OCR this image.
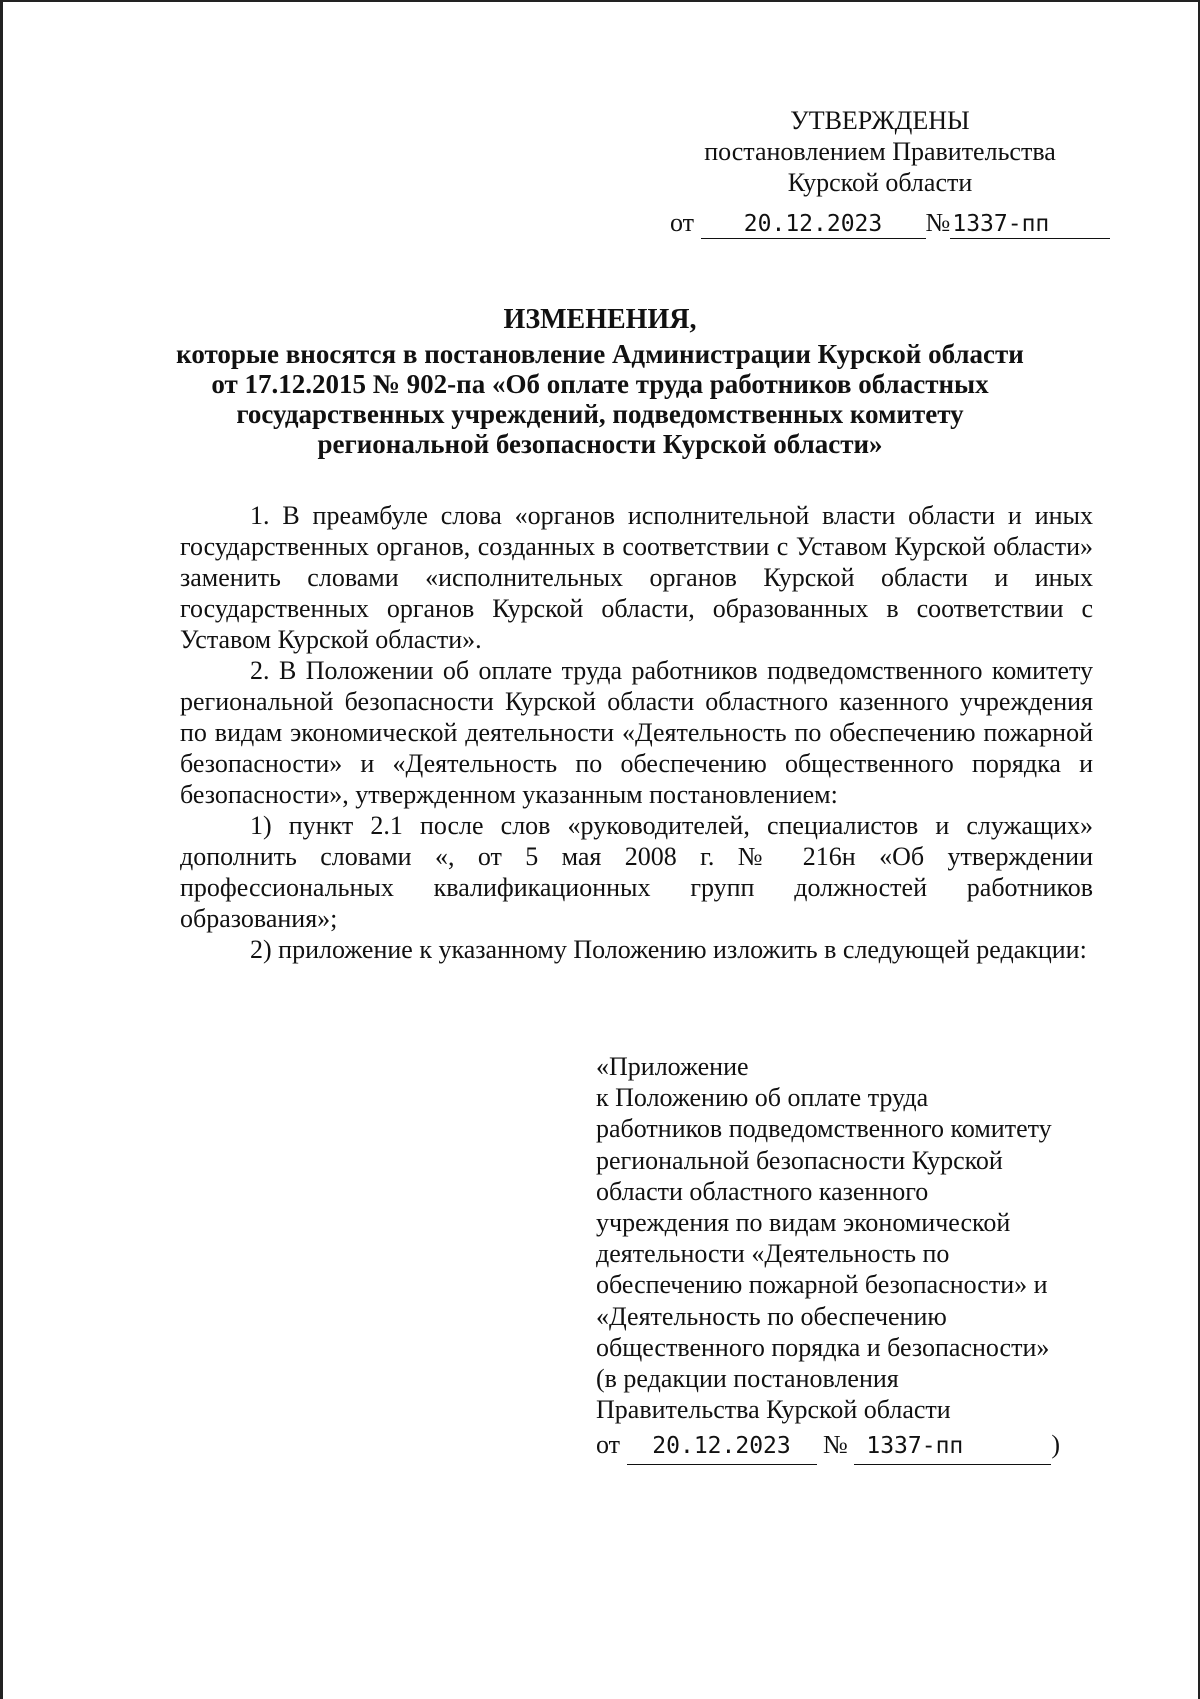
УТВЕРЖДЕНЫ
постановлением Правительства
Курской области
от 20.12.2023 №1337-пп
ИЗМЕНЕНИЯ,
которые вносятся в постановление Администрации Курской области
от 17.12.2015 № 902-па «Об оплате труда работников областных
государственных учреждений, подведомственных комитету
региональной безопасности Курской области»

1. В преамбуле слова «органов исполнительной власти области и иных государственных органов, созданных в соответствии с Уставом Курской области» заменить словами «исполнительных органов Курской области и иных государственных органов Курской области, образованных в соответствии с Уставом Курской области».

2. В Положении об оплате труда работников подведомственного комитету региональной безопасности Курской области областного казенного учреждения по видам экономической деятельности «Деятельность по обеспечению пожарной безопасности» и «Деятельность по обеспечению общественного порядка и безопасности», утвержденном указанным постановлением:

1) пункт 2.1 после слов «руководителей, специалистов и служащих» дополнить словами «, от 5 мая 2008 г. № 216н «Об утверждении профессиональных квалификационных групп должностей работников образования»;

2) приложение к указанному Положению изложить в следующей редакции:

«Приложение
к Положению об оплате труда
работников подведомственного комитету
региональной безопасности Курской
области областного казенного
учреждения по видам экономической
деятельности «Деятельность по
обеспечению пожарной безопасности» и
«Деятельность по обеспечению
общественного порядка и безопасности»
(в редакции постановления
Правительства Курской области
от 20.12.2023 № 1337-пп	)
